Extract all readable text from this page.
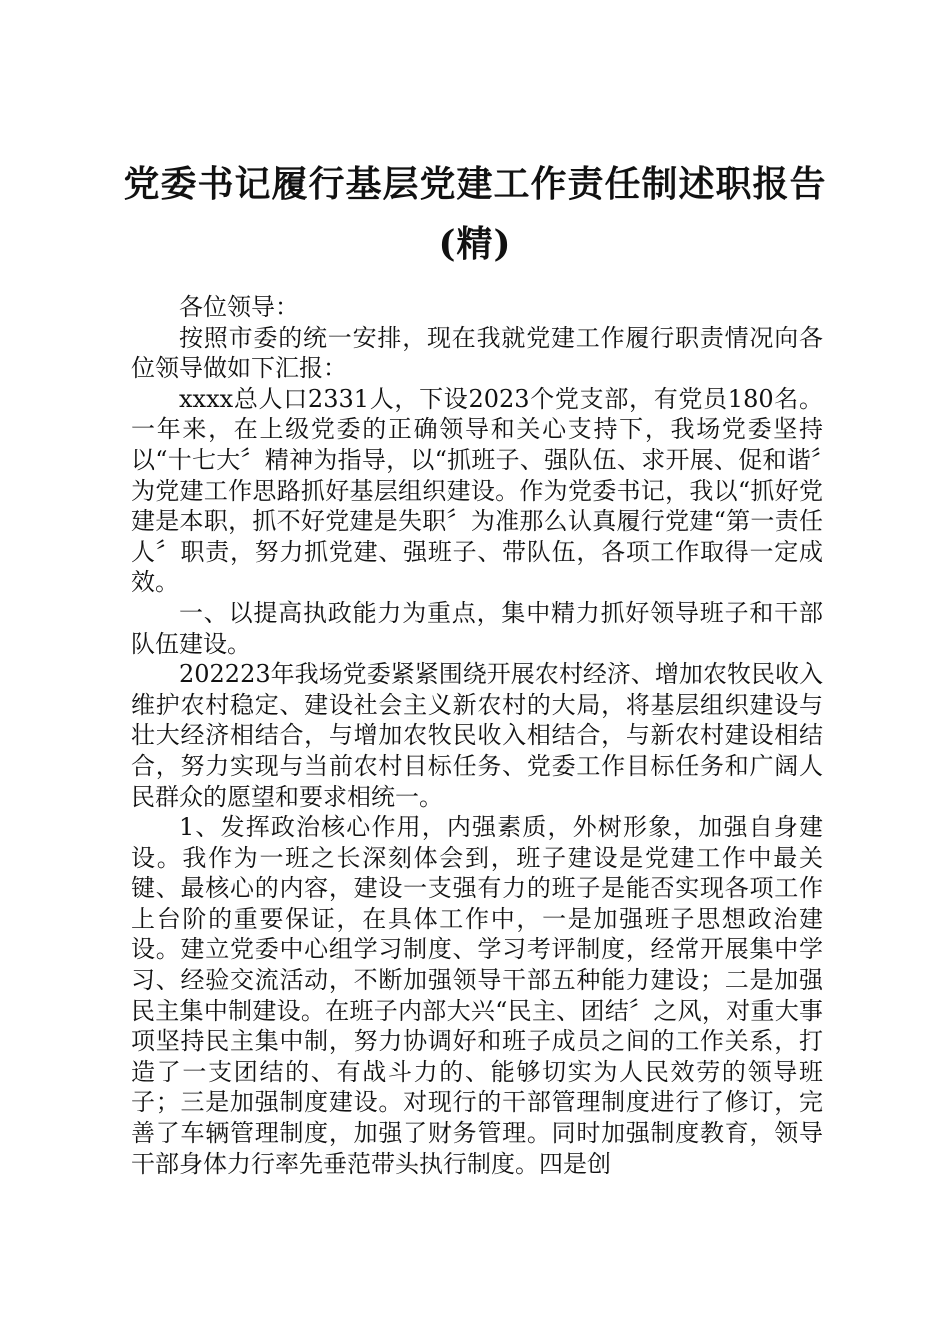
党委书记履行基层党建工作责任制述职报告
(精)

各位领导：

按照市委的统一安排，现在我就党建工作履行职责情况向各位领导做如下汇报：

xxxx总人口2331人，下设2023个党支部，有党员180名。一年来，在上级党委的正确领导和关心支持下，我场党委坚持以“十七大〞精神为指导，以“抓班子、强队伍、求开展、促和谐〞为党建工作思路抓好基层组织建设。作为党委书记，我以“抓好党建是本职，抓不好党建是失职〞为准那么认真履行党建“第一责任人〞职责，努力抓党建、强班子、带队伍，各项工作取得一定成效。

一、以提高执政能力为重点，集中精力抓好领导班子和干部队伍建设。

202223年我场党委紧紧围绕开展农村经济、增加农牧民收入维护农村稳定、建设社会主义新农村的大局，将基层组织建设与壮大经济相结合，与增加农牧民收入相结合，与新农村建设相结合，努力实现与当前农村目标任务、党委工作目标任务和广阔人民群众的愿望和要求相统一。

1、发挥政治核心作用，内强素质，外树形象，加强自身建设。我作为一班之长深刻体会到，班子建设是党建工作中最关键、最核心的内容，建设一支强有力的班子是能否实现各项工作上台阶的重要保证，在具体工作中，一是加强班子思想政治建设。建立党委中心组学习制度、学习考评制度，经常开展集中学习、经验交流活动，不断加强领导干部五种能力建设；二是加强民主集中制建设。在班子内部大兴“民主、团结〞之风，对重大事项坚持民主集中制，努力协调好和班子成员之间的工作关系，打造了一支团结的、有战斗力的、能够切实为人民效劳的领导班子；三是加强制度建设。对现行的干部管理制度进行了修订，完善了车辆管理制度，加强了财务管理。同时加强制度教育，领导干部身体力行率先垂范带头执行制度。四是创
